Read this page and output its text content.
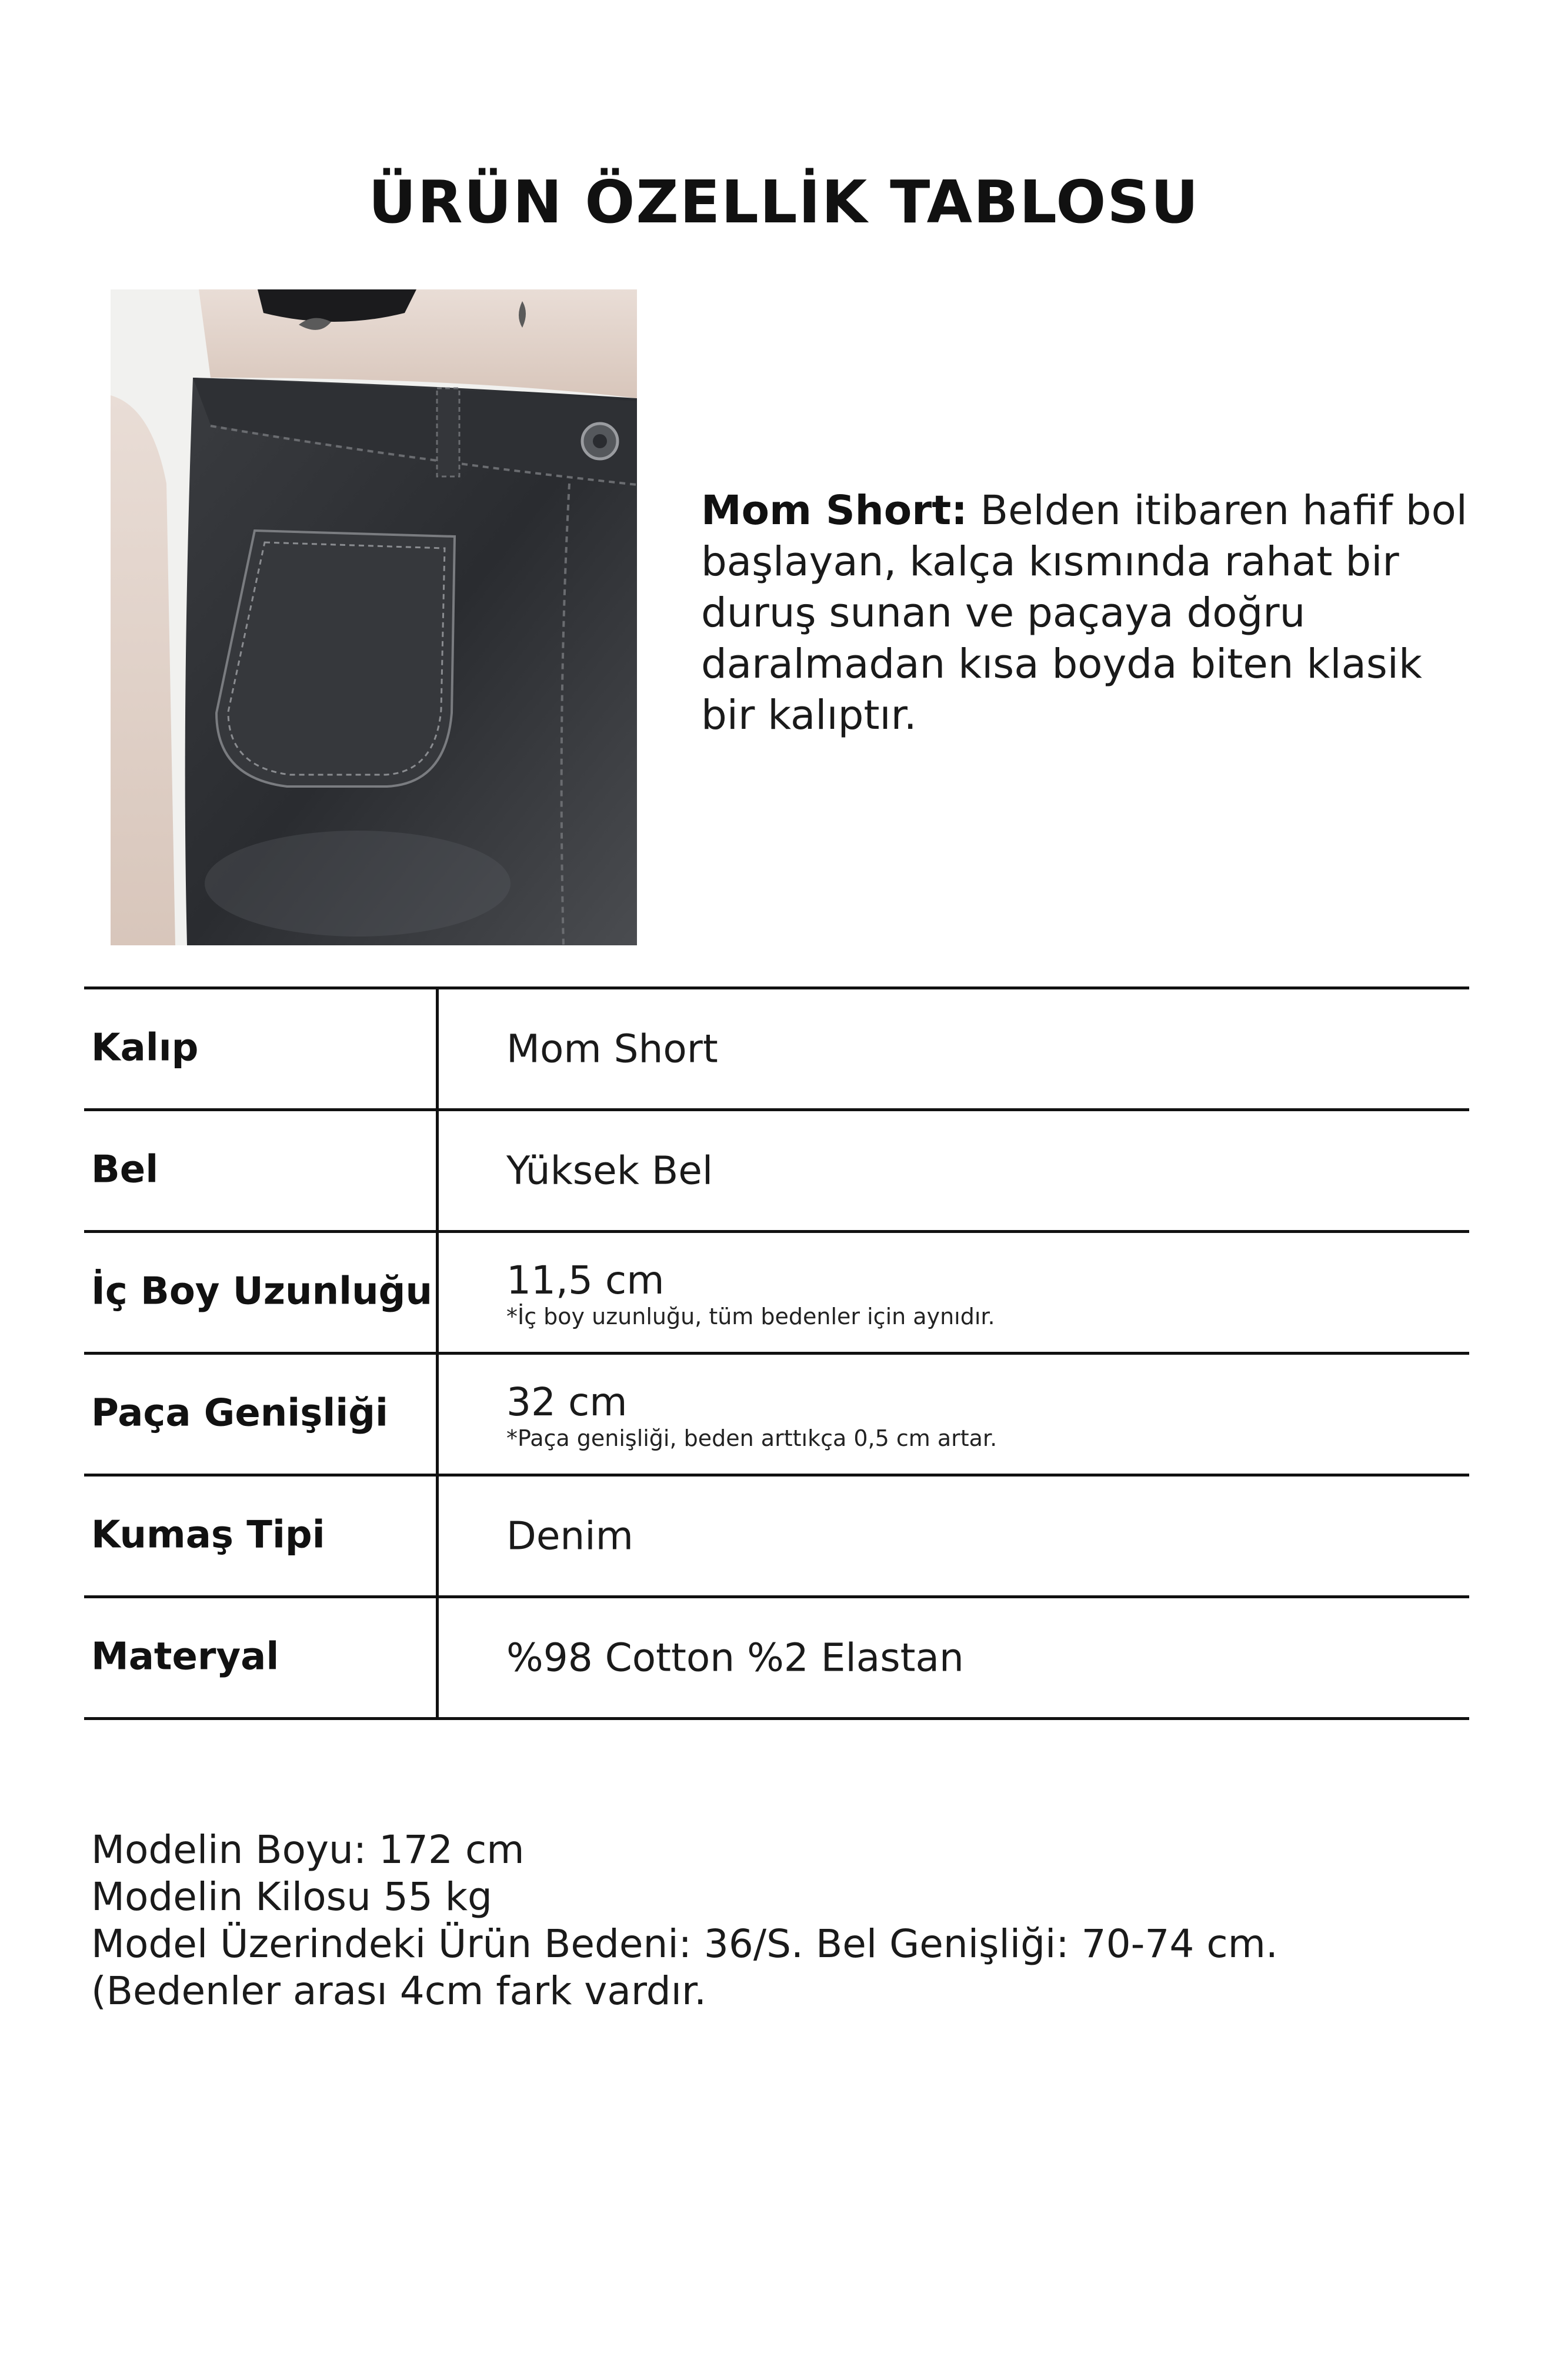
ÜRÜN ÖZELLİK TABLOSU
Mom Short: Belden itibaren hafif bol başlayan, kalça kısmında rahat bir duruş sunan ve paçaya doğru daralmadan kısa boyda biten klasik bir kalıptır.
Kalıp	Mom Short
Bel	Yüksek Bel
İç Boy Uzunluğu 11,5 cm
*İç boy uzunluğu, tüm bedenler için aynıdır.
Paça Genişliği	32 cm
*Paça genişliği, beden arttıkça 0,5 cm artar.
Kumaş Tipi	Denim
Materyal	%98 Cotton %2 Elastan
Modelin Boyu: 172 cm
Modelin Kilosu 55 kg
Model Üzerindeki Ürün Bedeni: 36/S. Bel Genişliği: 70-74 cm. (Bedenler arası 4cm fark vardır.
